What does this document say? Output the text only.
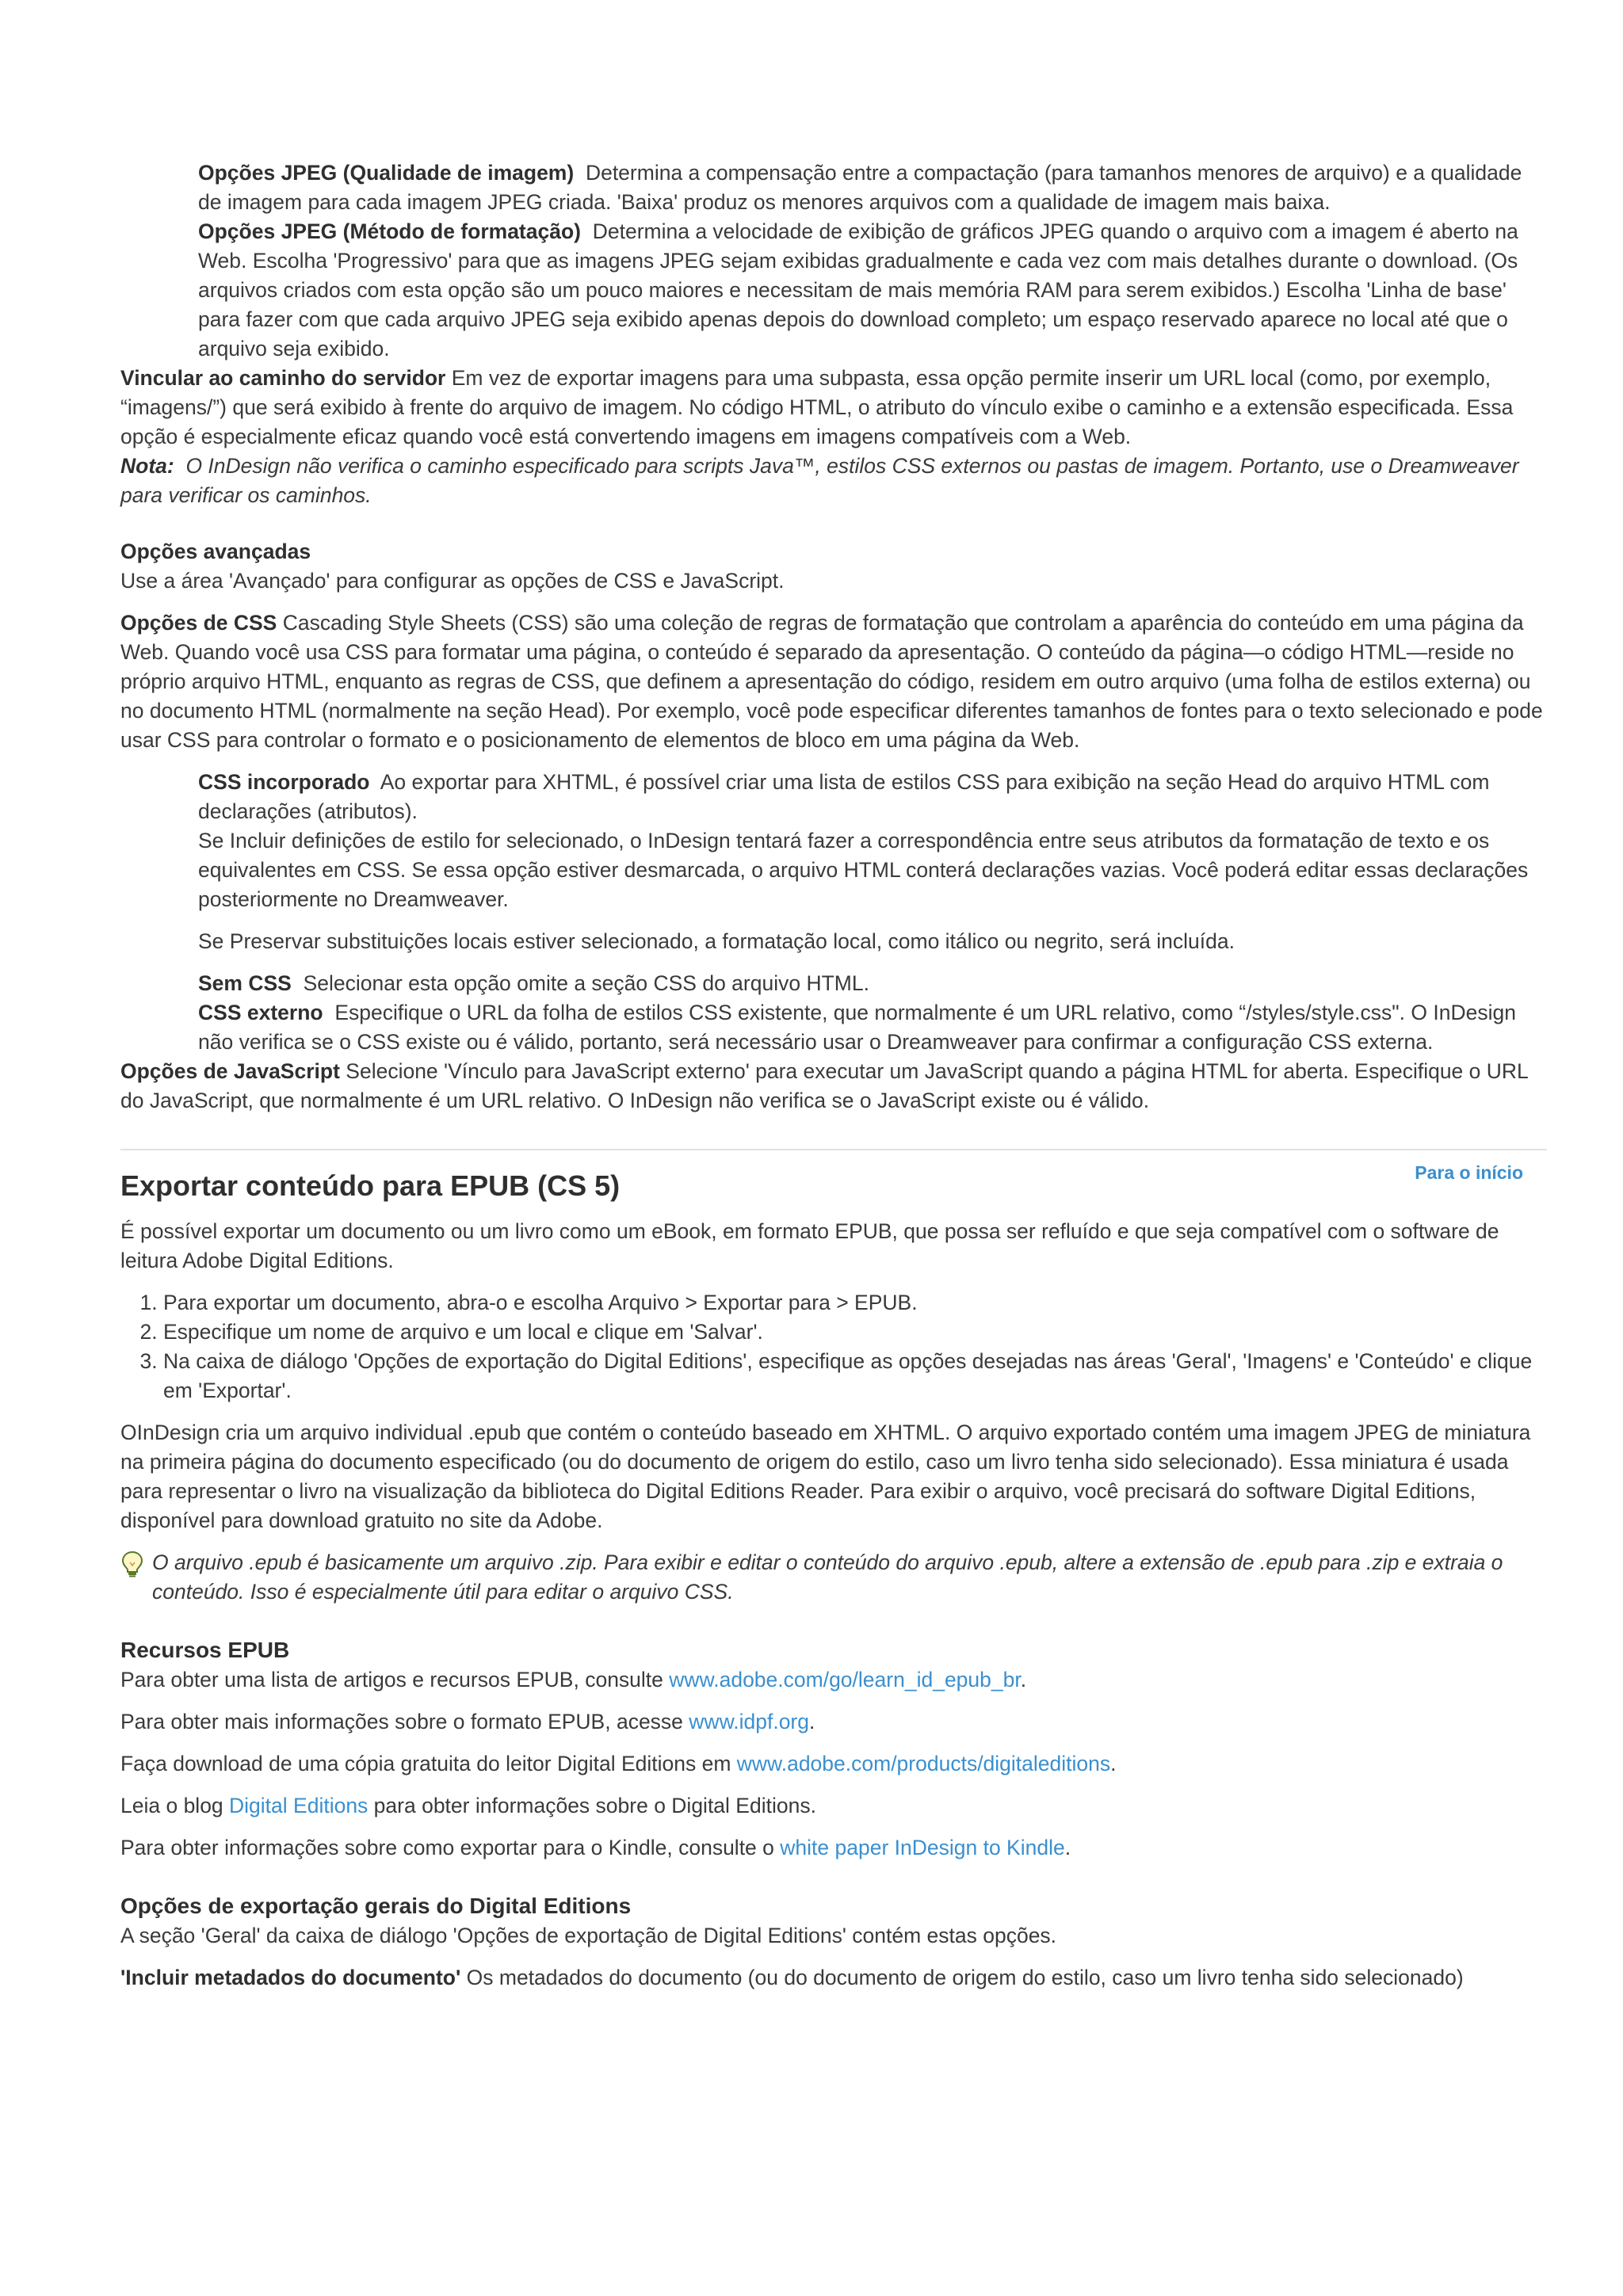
Opções JPEG (Qualidade de imagem) Determina a compensação entre a compactação (para tamanhos menores de arquivo) e a qualidade de imagem para cada imagem JPEG criada. 'Baixa' produz os menores arquivos com a qualidade de imagem mais baixa.

Opções JPEG (Método de formatação) Determina a velocidade de exibição de gráficos JPEG quando o arquivo com a imagem é aberto na Web. Escolha 'Progressivo' para que as imagens JPEG sejam exibidas gradualmente e cada vez com mais detalhes durante o download. (Os arquivos criados com esta opção são um pouco maiores e necessitam de mais memória RAM para serem exibidos.) Escolha 'Linha de base' para fazer com que cada arquivo JPEG seja exibido apenas depois do download completo; um espaço reservado aparece no local até que o arquivo seja exibido.

Vincular ao caminho do servidor Em vez de exportar imagens para uma subpasta, essa opção permite inserir um URL local (como, por exemplo, “imagens/”) que será exibido à frente do arquivo de imagem. No código HTML, o atributo do vínculo exibe o caminho e a extensão especificada. Essa opção é especialmente eficaz quando você está convertendo imagens em imagens compatíveis com a Web.

Nota: O InDesign não verifica o caminho especificado para scripts Java™, estilos CSS externos ou pastas de imagem. Portanto, use o Dreamweaver para verificar os caminhos.

Opções avançadas

Use a área 'Avançado' para configurar as opções de CSS e JavaScript.

Opções de CSS Cascading Style Sheets (CSS) são uma coleção de regras de formatação que controlam a aparência do conteúdo em uma página da Web. Quando você usa CSS para formatar uma página, o conteúdo é separado da apresentação. O conteúdo da página—o código HTML—reside no próprio arquivo HTML, enquanto as regras de CSS, que definem a apresentação do código, residem em outro arquivo (uma folha de estilos externa) ou no documento HTML (normalmente na seção Head). Por exemplo, você pode especificar diferentes tamanhos de fontes para o texto selecionado e pode usar CSS para controlar o formato e o posicionamento de elementos de bloco em uma página da Web.

CSS incorporado Ao exportar para XHTML, é possível criar uma lista de estilos CSS para exibição na seção Head do arquivo HTML com declarações (atributos).

Se Incluir definições de estilo for selecionado, o InDesign tentará fazer a correspondência entre seus atributos da formatação de texto e os equivalentes em CSS. Se essa opção estiver desmarcada, o arquivo HTML conterá declarações vazias. Você poderá editar essas declarações posteriormente no Dreamweaver.

Se Preservar substituições locais estiver selecionado, a formatação local, como itálico ou negrito, será incluída.

Sem CSS Selecionar esta opção omite a seção CSS do arquivo HTML.

CSS externo Especifique o URL da folha de estilos CSS existente, que normalmente é um URL relativo, como “/styles/style.css". O InDesign não verifica se o CSS existe ou é válido, portanto, será necessário usar o Dreamweaver para confirmar a configuração CSS externa.

Opções de JavaScript Selecione 'Vínculo para JavaScript externo' para executar um JavaScript quando a página HTML for aberta. Especifique o URL do JavaScript, que normalmente é um URL relativo. O InDesign não verifica se o JavaScript existe ou é válido.

Para o início
Exportar conteúdo para EPUB (CS 5)

É possível exportar um documento ou um livro como um eBook, em formato EPUB, que possa ser refluído e que seja compatível com o software de leitura Adobe Digital Editions.

1. Para exportar um documento, abra-o e escolha Arquivo > Exportar para > EPUB.
2. Especifique um nome de arquivo e um local e clique em 'Salvar'.
3. Na caixa de diálogo 'Opções de exportação do Digital Editions', especifique as opções desejadas nas áreas 'Geral', 'Imagens' e 'Conteúdo' e clique em 'Exportar'.

OInDesign cria um arquivo individual .epub que contém o conteúdo baseado em XHTML. O arquivo exportado contém uma imagem JPEG de miniatura na primeira página do documento especificado (ou do documento de origem do estilo, caso um livro tenha sido selecionado). Essa miniatura é usada para representar o livro na visualização da biblioteca do Digital Editions Reader. Para exibir o arquivo, você precisará do software Digital Editions, disponível para download gratuito no site da Adobe.

O arquivo .epub é basicamente um arquivo .zip. Para exibir e editar o conteúdo do arquivo .epub, altere a extensão de .epub para .zip e extraia o conteúdo. Isso é especialmente útil para editar o arquivo CSS.
Recursos EPUB

Para obter uma lista de artigos e recursos EPUB, consulte www.adobe.com/go/learn_id_epub_br.

Para obter mais informações sobre o formato EPUB, acesse www.idpf.org.

Faça download de uma cópia gratuita do leitor Digital Editions em www.adobe.com/products/digitaleditions.

Leia o blog Digital Editions para obter informações sobre o Digital Editions.

Para obter informações sobre como exportar para o Kindle, consulte o white paper InDesign to Kindle.

Opções de exportação gerais do Digital Editions

A seção 'Geral' da caixa de diálogo 'Opções de exportação de Digital Editions' contém estas opções.

'Incluir metadados do documento' Os metadados do documento (ou do documento de origem do estilo, caso um livro tenha sido selecionado)
